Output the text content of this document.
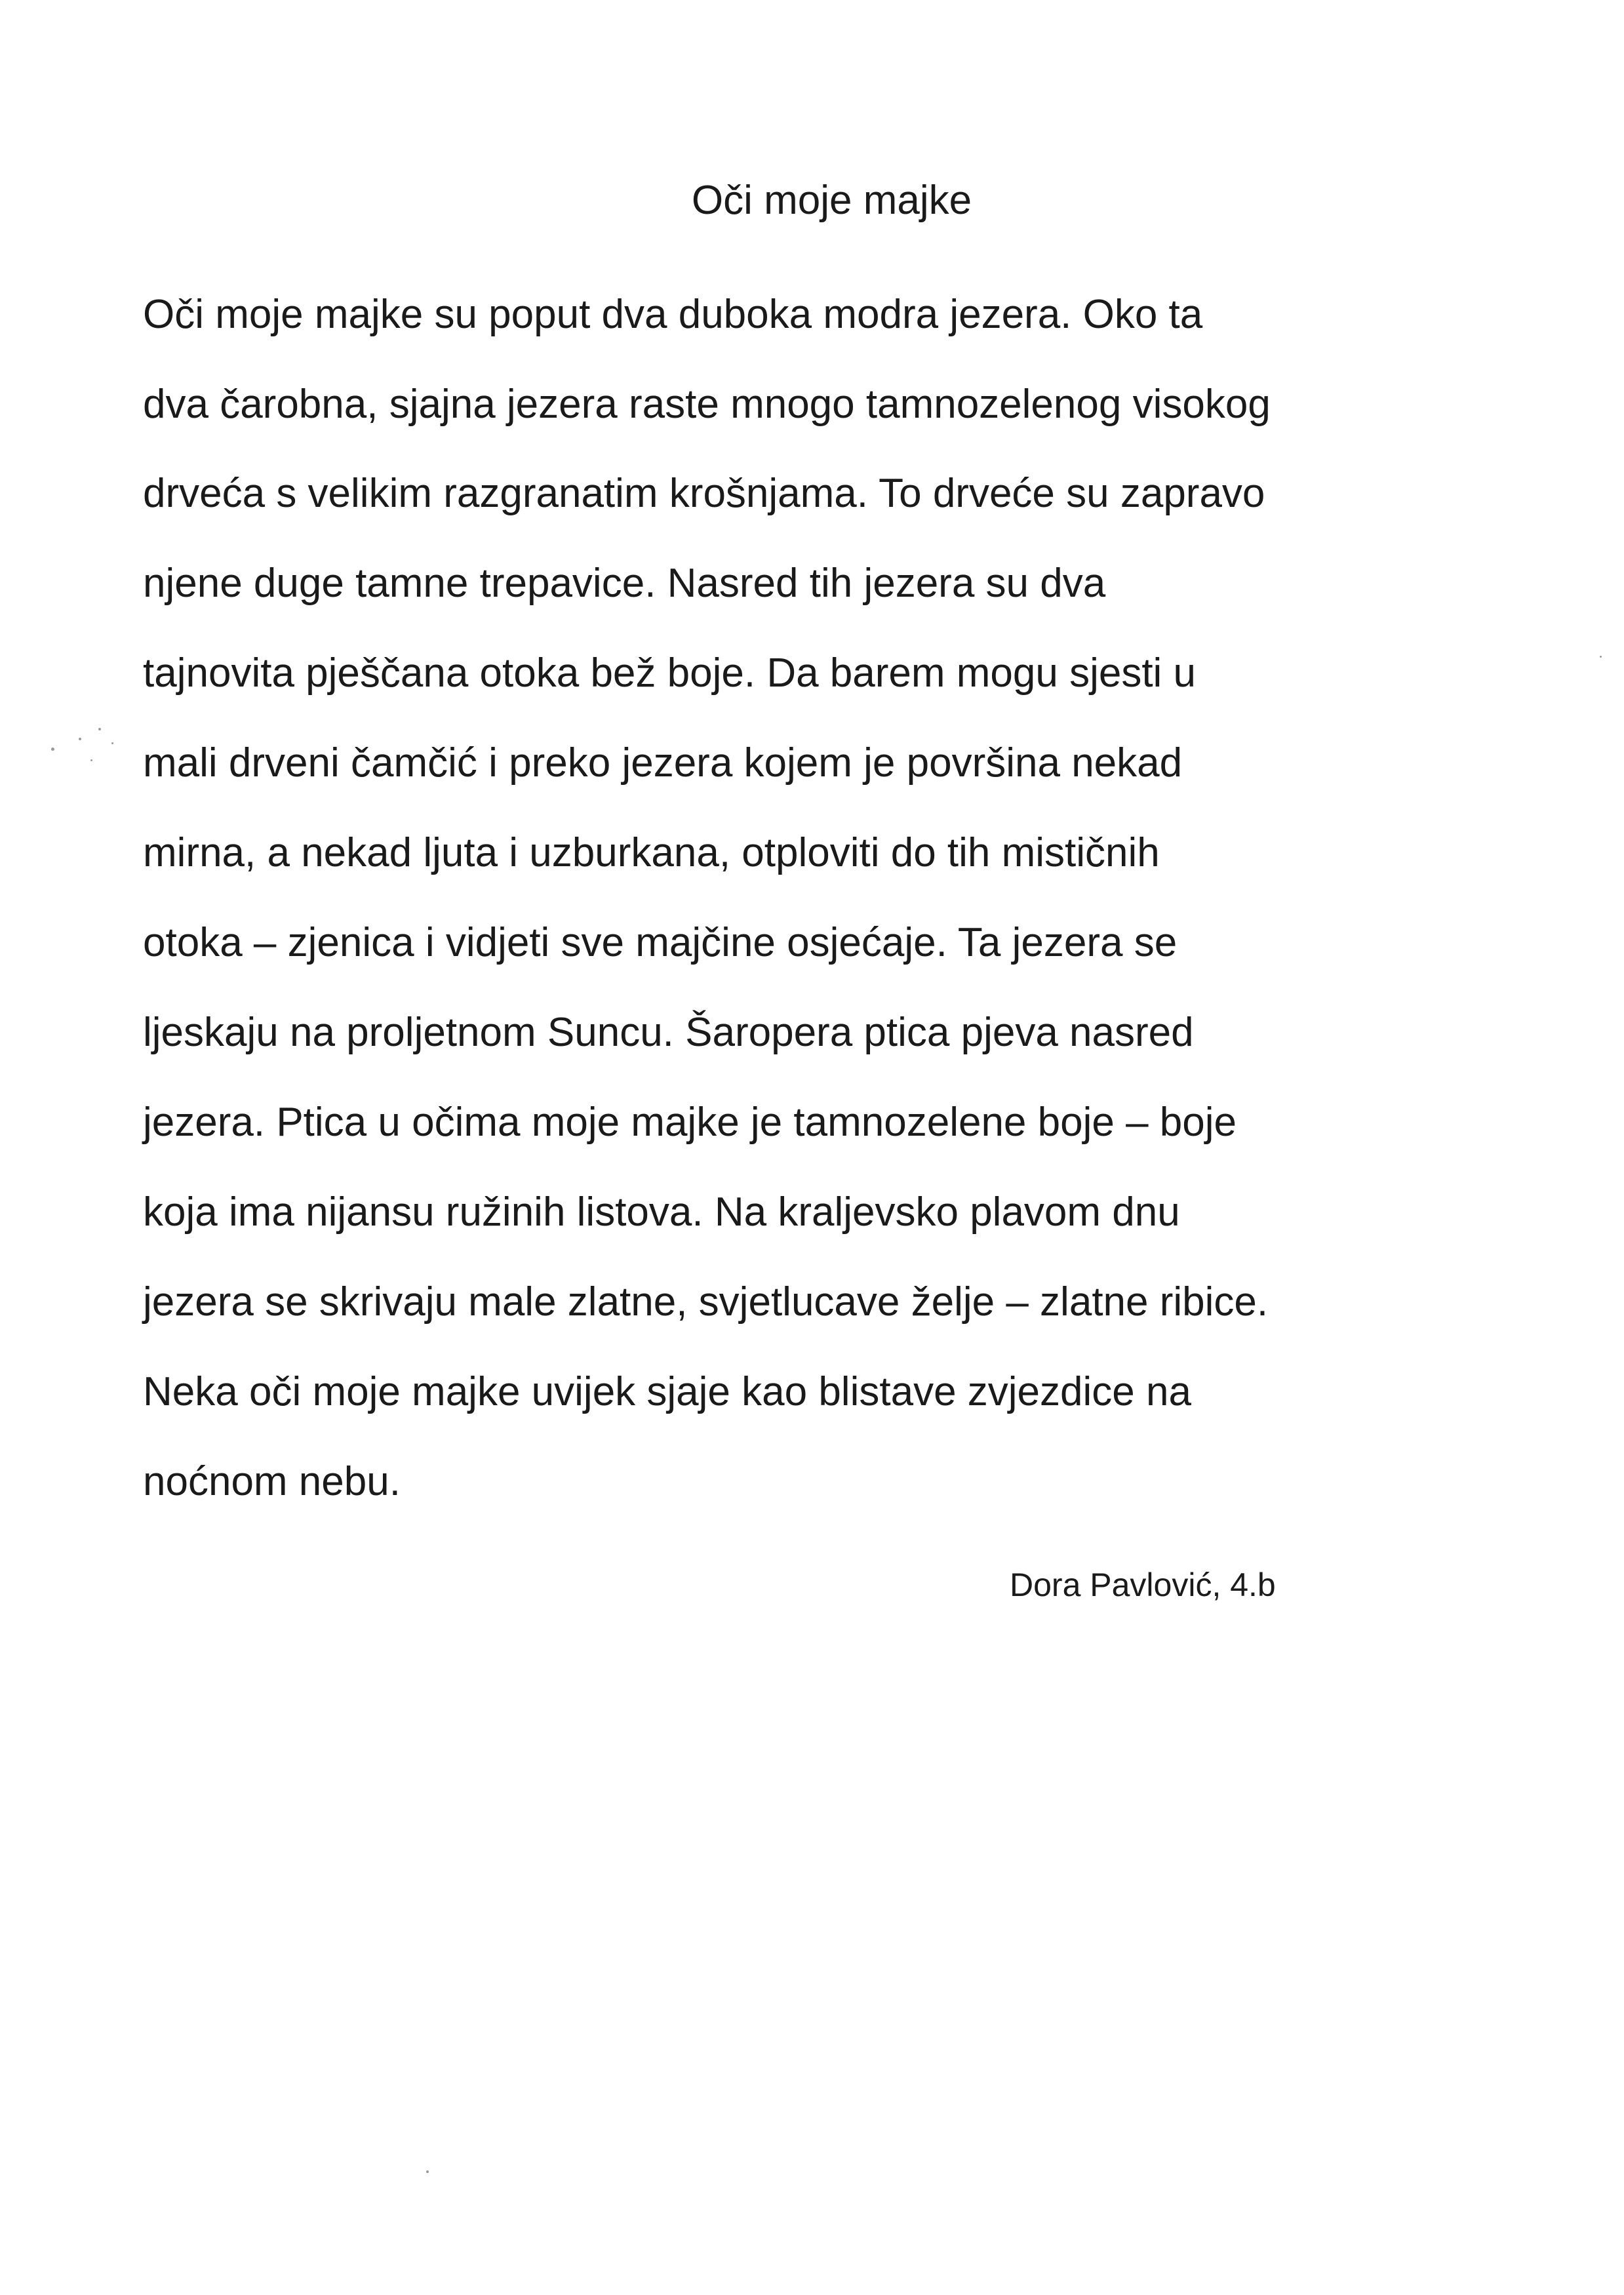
Oči moje majke
Oči moje majke su poput dva duboka modra jezera. Oko ta
dva čarobna, sjajna jezera raste mnogo tamnozelenog visokog
drveća s velikim razgranatim krošnjama. To drveće su zapravo
njene duge tamne trepavice. Nasred tih jezera su dva
tajnovita pješčana otoka bež boje. Da barem mogu sjesti u
mali drveni čamčić i preko jezera kojem je površina nekad
mirna, a nekad ljuta i uzburkana, otploviti do tih mističnih
otoka – zjenica i vidjeti sve majčine osjećaje. Ta jezera se
ljeskaju na proljetnom Suncu. Šaropera ptica pjeva nasred
jezera. Ptica u očima moje majke je tamnozelene boje – boje
koja ima nijansu ružinih listova. Na kraljevsko plavom dnu
jezera se skrivaju male zlatne, svjetlucave želje – zlatne ribice.
Neka oči moje majke uvijek sjaje kao blistave zvjezdice na
noćnom nebu.
Dora Pavlović, 4.b
